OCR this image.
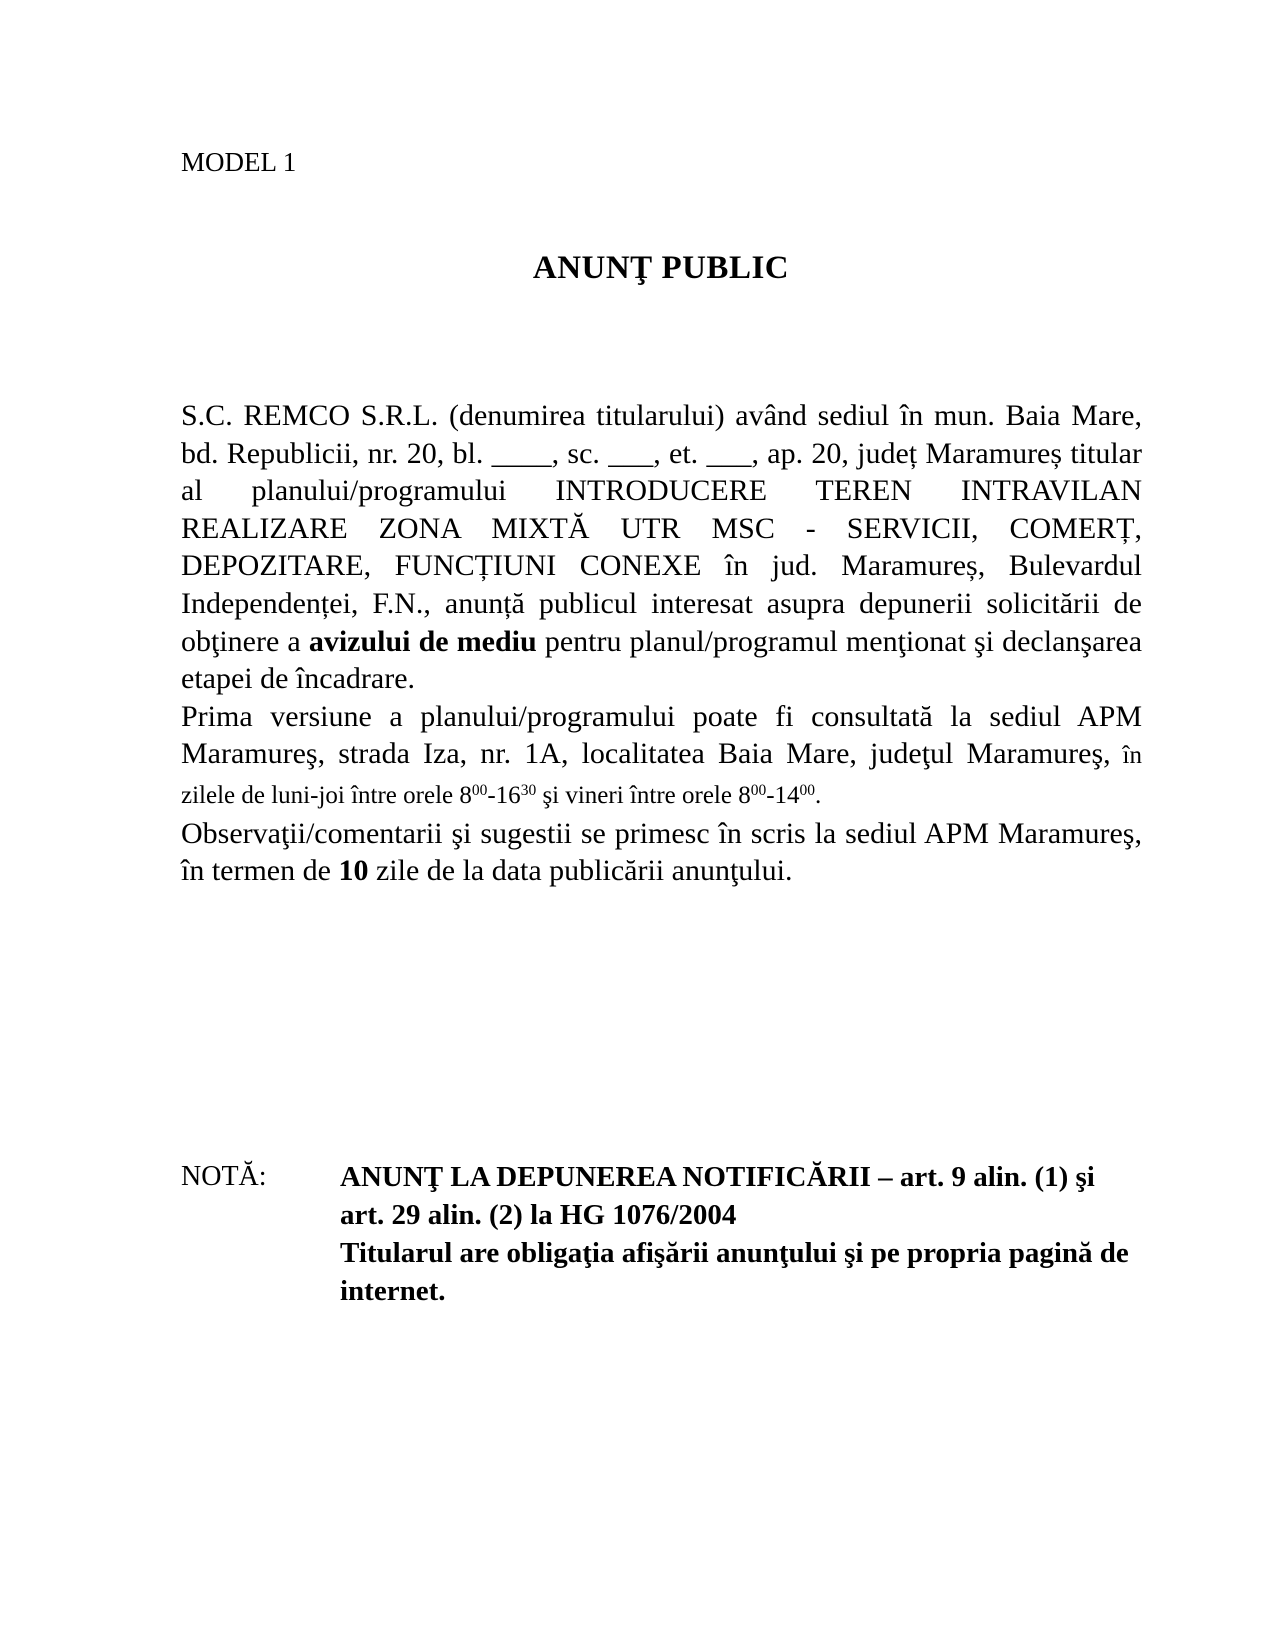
MODEL 1
ANUNŢ PUBLIC

S.C. REMCO S.R.L. (denumirea titularului) având sediul în mun. Baia Mare, bd. Republicii, nr. 20, bl. ____, sc. ___, et. ___, ap. 20, județ Maramureș titular al planului/programului INTRODUCERE TEREN INTRAVILAN REALIZARE ZONA MIXTĂ UTR MSC - SERVICII, COMERȚ, DEPOZITARE, FUNCȚIUNI CONEXE în jud. Maramureș, Bulevardul Independenței, F.N., anunță publicul interesat asupra depunerii solicitării de obţinere a avizului de mediu pentru planul/programul menţionat şi declanşarea etapei de încadrare.

Prima versiune a planului/programului poate fi consultată la sediul APM Maramureş, strada Iza, nr. 1A, localitatea Baia Mare, judeţul Maramureş, în zilele de luni-joi între orele $8^{00}-16^{30}$ şi vineri între orele $8^{00}-14^{00}$.

Observaţii/comentarii şi sugestii se primesc în scris la sediul APM Maramureş, în termen de 10 zile de la data publicării anunţului.

NOTĂ:	ANUNŢ LA DEPUNEREA NOTIFICĂRII – art. 9 alin. (1) şi art. 29 alin. (2) la HG 1076/2004

Titularul are obligaţia afişării anunţului şi pe propria pagină de internet.
